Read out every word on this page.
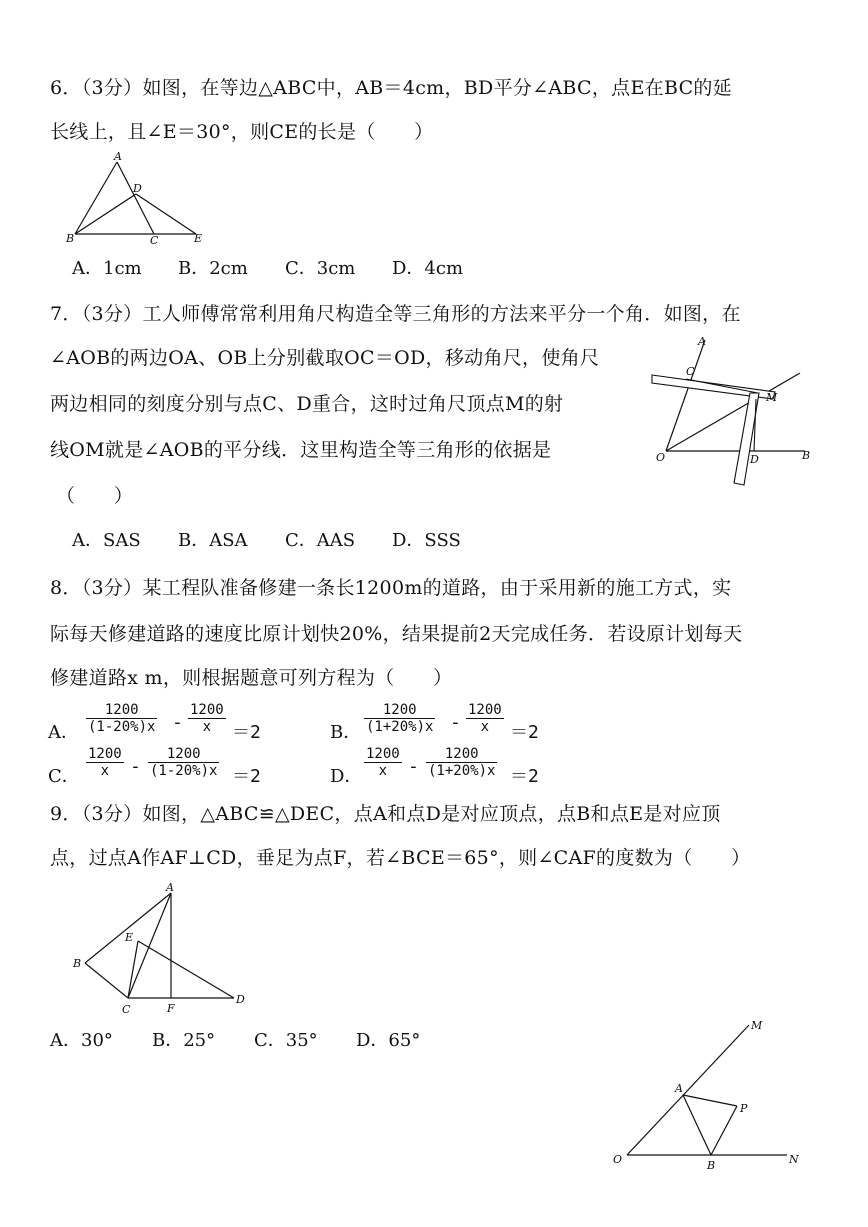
6．（3分）如图，在等边△ABC中，AB＝4cm，BD平分∠ABC，点E在BC的延
长线上，且∠E＝30°，则CE的长是（　　）
A
B	C
D
E
A．1cm B．2cm C．3cm D．4cm
7．（3分）工人师傅常常利用角尺构造全等三角形的方法来平分一个角．如图，在
∠AOB的两边OA、OB上分别截取OC＝OD，移动角尺，使角尺
两边相同的刻度分别与点C、D重合，这时过角尺顶点M的射
线OM就是∠AOB的平分线．这里构造全等三角形的依据是
（　　）
A
C
M
O	D	B
A．SAS B．ASA C．AAS D．SSS
8．（3分）某工程队准备修建一条长1200m的道路，由于采用新的施工方式，实
际每天修建道路的速度比原计划快20%，结果提前2天完成任务．若设原计划每天
修建道路x m，则根据题意可列方程为（　　）
A． $\frac{1200}{(1-20\%)x} - \frac{1200}{x} =2$	B． $\frac{1200}{(1+20\%)x} - \frac{1200}{x} =2$
C． $\frac{1200}{x} - \frac{1200}{(1-20\%)x} =2$	D． $\frac{1200}{x} - \frac{1200}{(1+20\%)x} =2$
9．（3分）如图，△ABC≌△DEC，点A和点D是对应顶点，点B和点E是对应顶
点，过点A作AF⊥CD，垂足为点F，若∠BCE＝65°，则∠CAF的度数为（　　）
A
E
B
C	F
D
A．30° B．25° C．35° D．65°
M
A
P
O	B	N
